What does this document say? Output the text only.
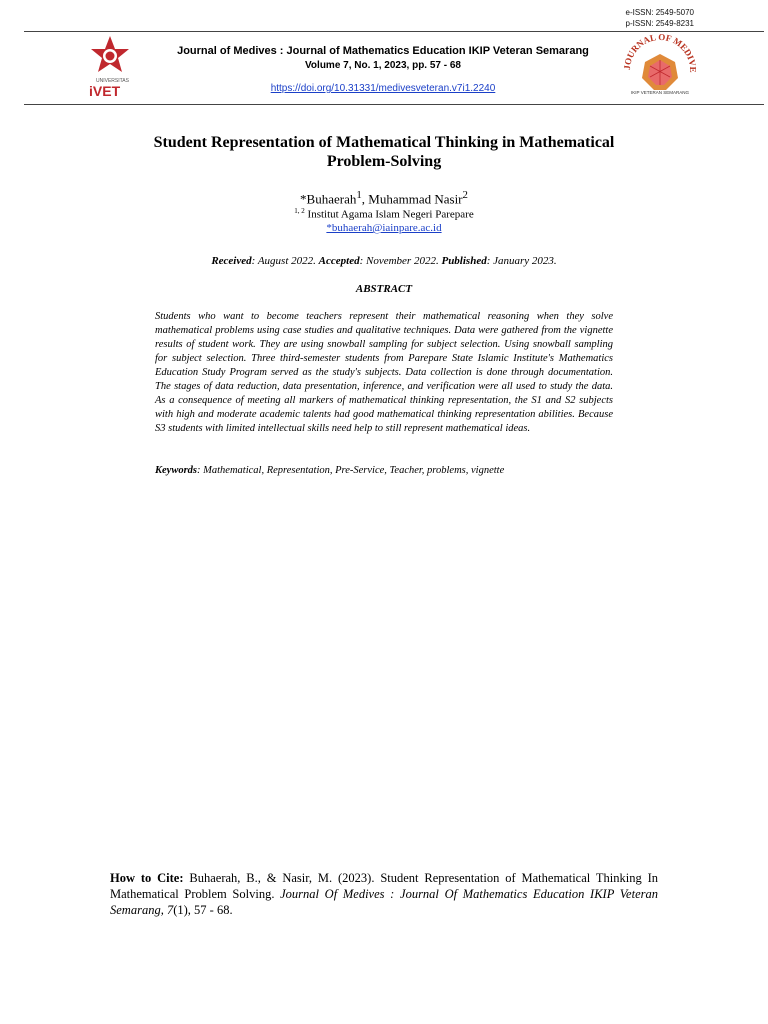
e-ISSN: 2549-5070
p-ISSN: 2549-8231
UNIVERSITAS
iVET
Journal of Medives : Journal of Mathematics Education IKIP Veteran Semarang
Volume 7, No. 1, 2023, pp. 57 - 68
https://doi.org/10.31331/medivesveteran.v7i1.2240
JOURNAL OF MEDIVE
IKIP VETERAN SEMARANG
Student Representation of Mathematical Thinking in Mathematical
Problem-Solving
*Buhaerah$^1$, Muhammad Nasir$^2$
$^{1, 2}$ Institut Agama Islam Negeri Parepare
*buhaerah@iainpare.ac.id
Received: August 2022. Accepted: November 2022. Published: January 2023.
ABSTRACT
Students who want to become teachers represent their mathematical reasoning when they solve mathematical problems using case studies and qualitative techniques. Data were gathered from the vignette results of student work. They are using snowball sampling for subject selection. Using snowball sampling for subject selection. Three third-semester students from Parepare State Islamic Institute's Mathematics Education Study Program served as the study's subjects. Data collection is done through documentation. The stages of data reduction, data presentation, inference, and verification were all used to study the data. As a consequence of meeting all markers of mathematical thinking representation, the S1 and S2 subjects with high and moderate academic talents had good mathematical thinking representation abilities. Because S3 students with limited intellectual skills need help to still represent mathematical ideas.
Keywords: Mathematical, Representation, Pre-Service, Teacher, problems, vignette
How to Cite: Buhaerah, B., & Nasir, M. (2023). Student Representation of Mathematical Thinking In Mathematical Problem Solving. Journal Of Medives : Journal Of Mathematics Education IKIP Veteran Semarang, 7(1), 57 - 68.
